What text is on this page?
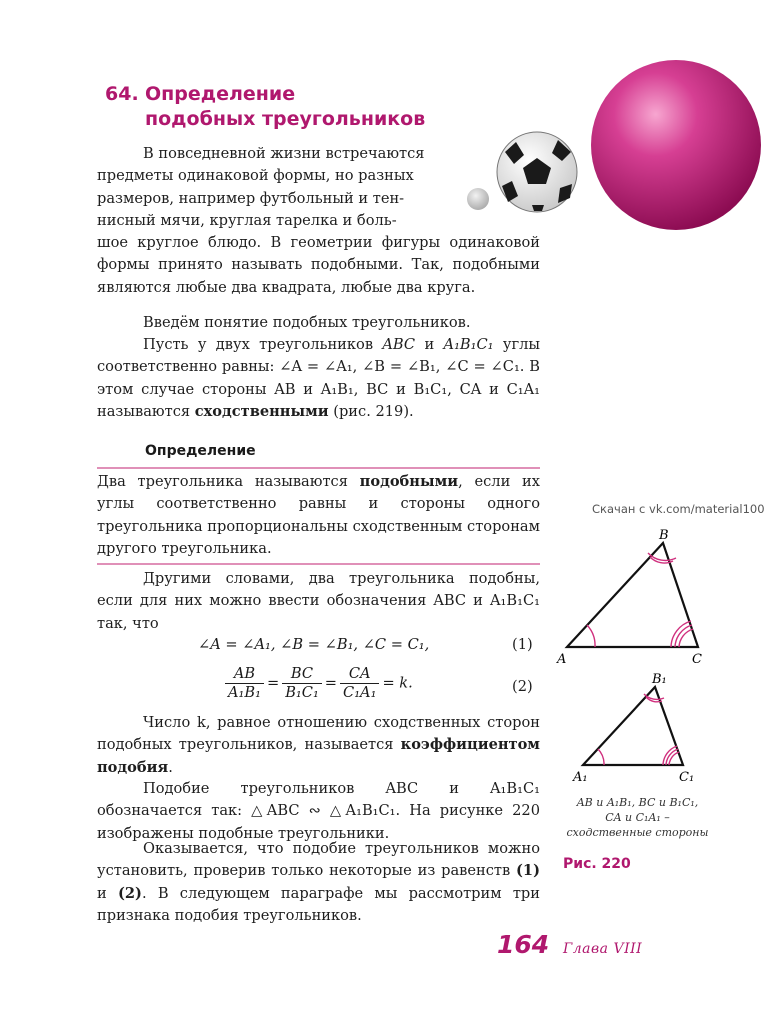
64. Определение
подобных треугольников
В повседневной жизни встречаются
предметы одинаковой формы, но разных
размеров, например футбольный и тен-
нисный мячи, круглая тарелка и боль-
шое круглое блюдо. В геометрии фигуры одинаковой формы принято называть подобными. Так, подобными являются любые два квадрата, любые два круга.
Введём понятие подобных треугольников.
Пусть у двух треугольников ABC и A₁B₁C₁ углы соответственно равны: ∠A = ∠A₁, ∠B = ∠B₁, ∠C = ∠C₁. В этом случае стороны AB и A₁B₁, BC и B₁C₁, CA и C₁A₁ называются сходственными (рис. 219).
Определение
Два треугольника называются подобными, если их углы соответственно равны и стороны одного треугольника пропорциональны сходственным сторонам другого треугольника.
Другими словами, два треугольника подобны, если для них можно ввести обозначения ABC и A₁B₁C₁ так, что
∠A = ∠A₁, ∠B = ∠B₁, ∠C = C₁,	(1)
$\frac{AB}{\text{A₁B₁}} = \frac{BC}{\text{B₁C₁}} = \frac{CA}{\text{C₁A₁}} = k$.	(2)
Число k, равное отношению сходственных сторон подобных треугольников, называется коэффициентом подобия.
Подобие треугольников ABC и A₁B₁C₁ обозначается так: △ABC ∾ △A₁B₁C₁. На рисунке 220 изображены подобные треугольники.
Оказывается, что подобие треугольников можно установить, проверив только некоторые из равенств (1) и (2). В следующем параграфе мы рассмотрим три признака подобия треугольников.
Скачан с vk.com/material100
A
B
C
A₁
B₁
C₁
AB и A₁B₁, BC и B₁C₁,
CA и C₁A₁ –
сходственные стороны
Рис. 220
164 Глава VIII
